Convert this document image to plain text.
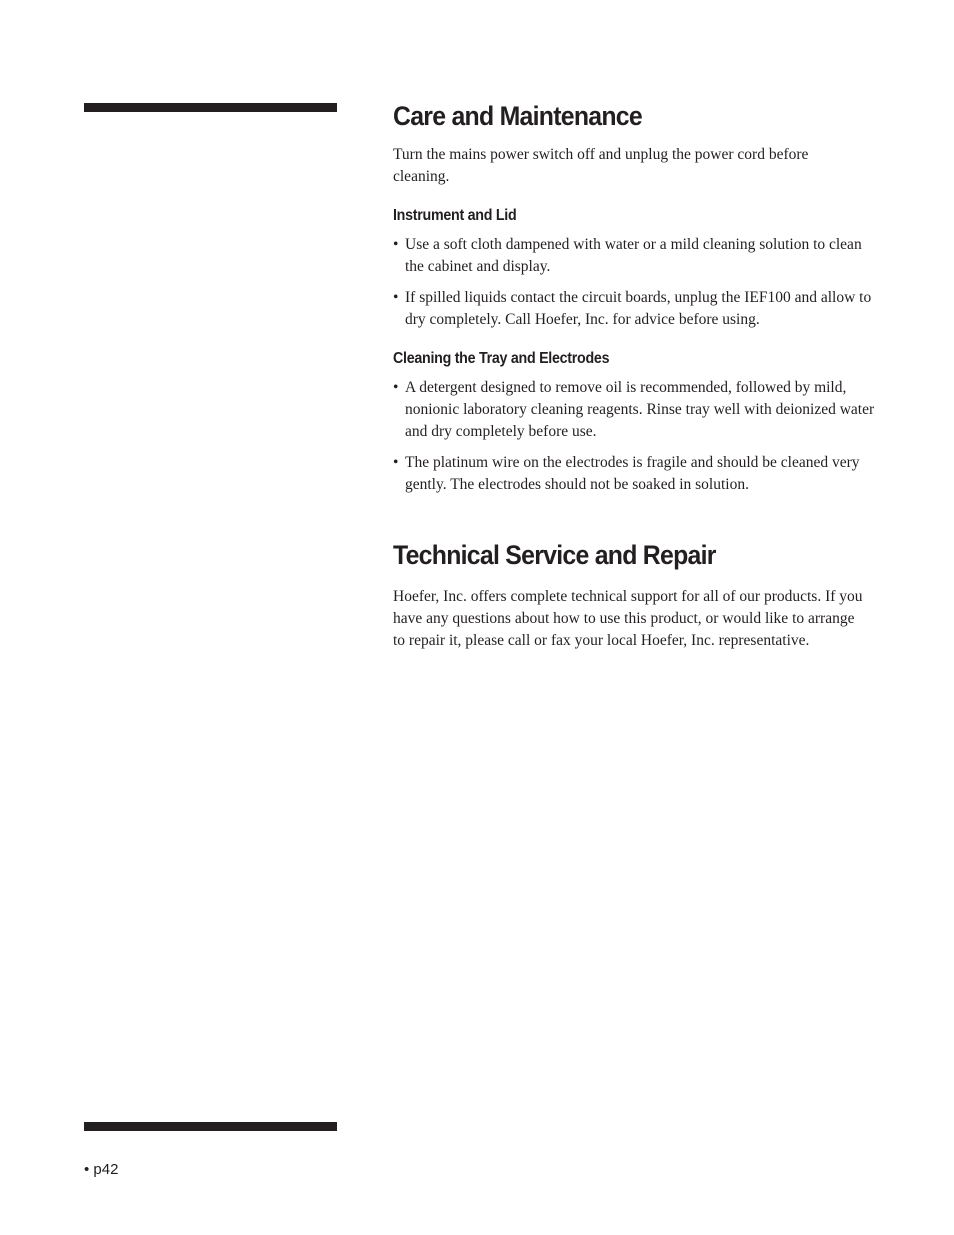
Care and Maintenance

Turn the mains power switch off and unplug the power cord before cleaning.

Instrument and Lid
• Use a soft cloth dampened with water or a mild cleaning solution to clean the cabinet and display.
• If spilled liquids contact the circuit boards, unplug the IEF100 and allow to dry completely. Call Hoefer, Inc. for advice before using.
Cleaning the Tray and Electrodes
• A detergent designed to remove oil is recommended, followed by mild, nonionic laboratory cleaning reagents. Rinse tray well with deionized water and dry completely before use.
• The platinum wire on the electrodes is fragile and should be cleaned very gently. The electrodes should not be soaked in solution.
Technical Service and Repair

Hoefer, Inc. offers complete technical support for all of our products. If you have any questions about how to use this product, or would like to arrange to repair it, please call or fax your local Hoefer, Inc. representative.

• p42
